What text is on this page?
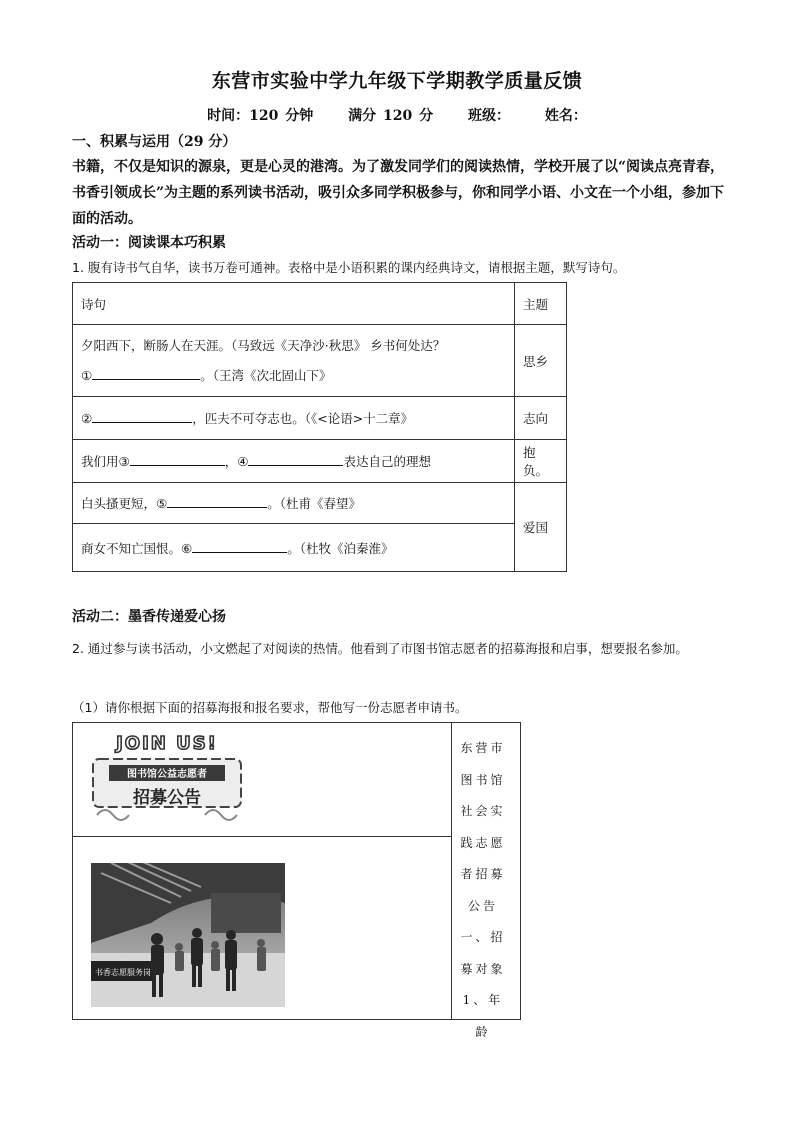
东营市实验中学九年级下学期教学质量反馈
时间：120 分钟 满分 120 分 班级： 姓名：
一、积累与运用（29 分）
书籍，不仅是知识的源泉，更是心灵的港湾。为了激发同学们的阅读热情，学校开展了以“阅读点亮青春，书香引领成长”为主题的系列读书活动，吸引众多同学积极参与，你和同学小语、小文在一个小组，参加下面的活动。
活动一：阅读课本巧积累
1. 腹有诗书气自华，读书万卷可通神。表格中是小语积累的课内经典诗文，请根据主题，默写诗句。
诗句	主题

夕阳西下，断肠人在天涯。（马致远《天净沙·秋思》 乡书何处达？
① 。（王湾《次北固山下》	思乡
② ，匹夫不可夺志也。（《<论语>十二章》	志向
我们用③ ，④ 表达自己的理想	抱负。
白头搔更短，⑤ 。（杜甫《春望》	爱国
商女不知亡国恨。⑥ 。（杜牧《泊秦淮》	
活动二：墨香传递爱心扬
2. 通过参与读书活动，小文燃起了对阅读的热情。他看到了市图书馆志愿者的招募海报和启事，想要报名参加。
（1）请你根据下面的招募海报和报名要求，帮他写一份志愿者申请书。
JOIN US!
图书馆公益志愿者
招募公告
书香志愿服务岗
东营市
图书馆
社会实
践志愿
者招募
公告
一、招
募对象
1、年龄
